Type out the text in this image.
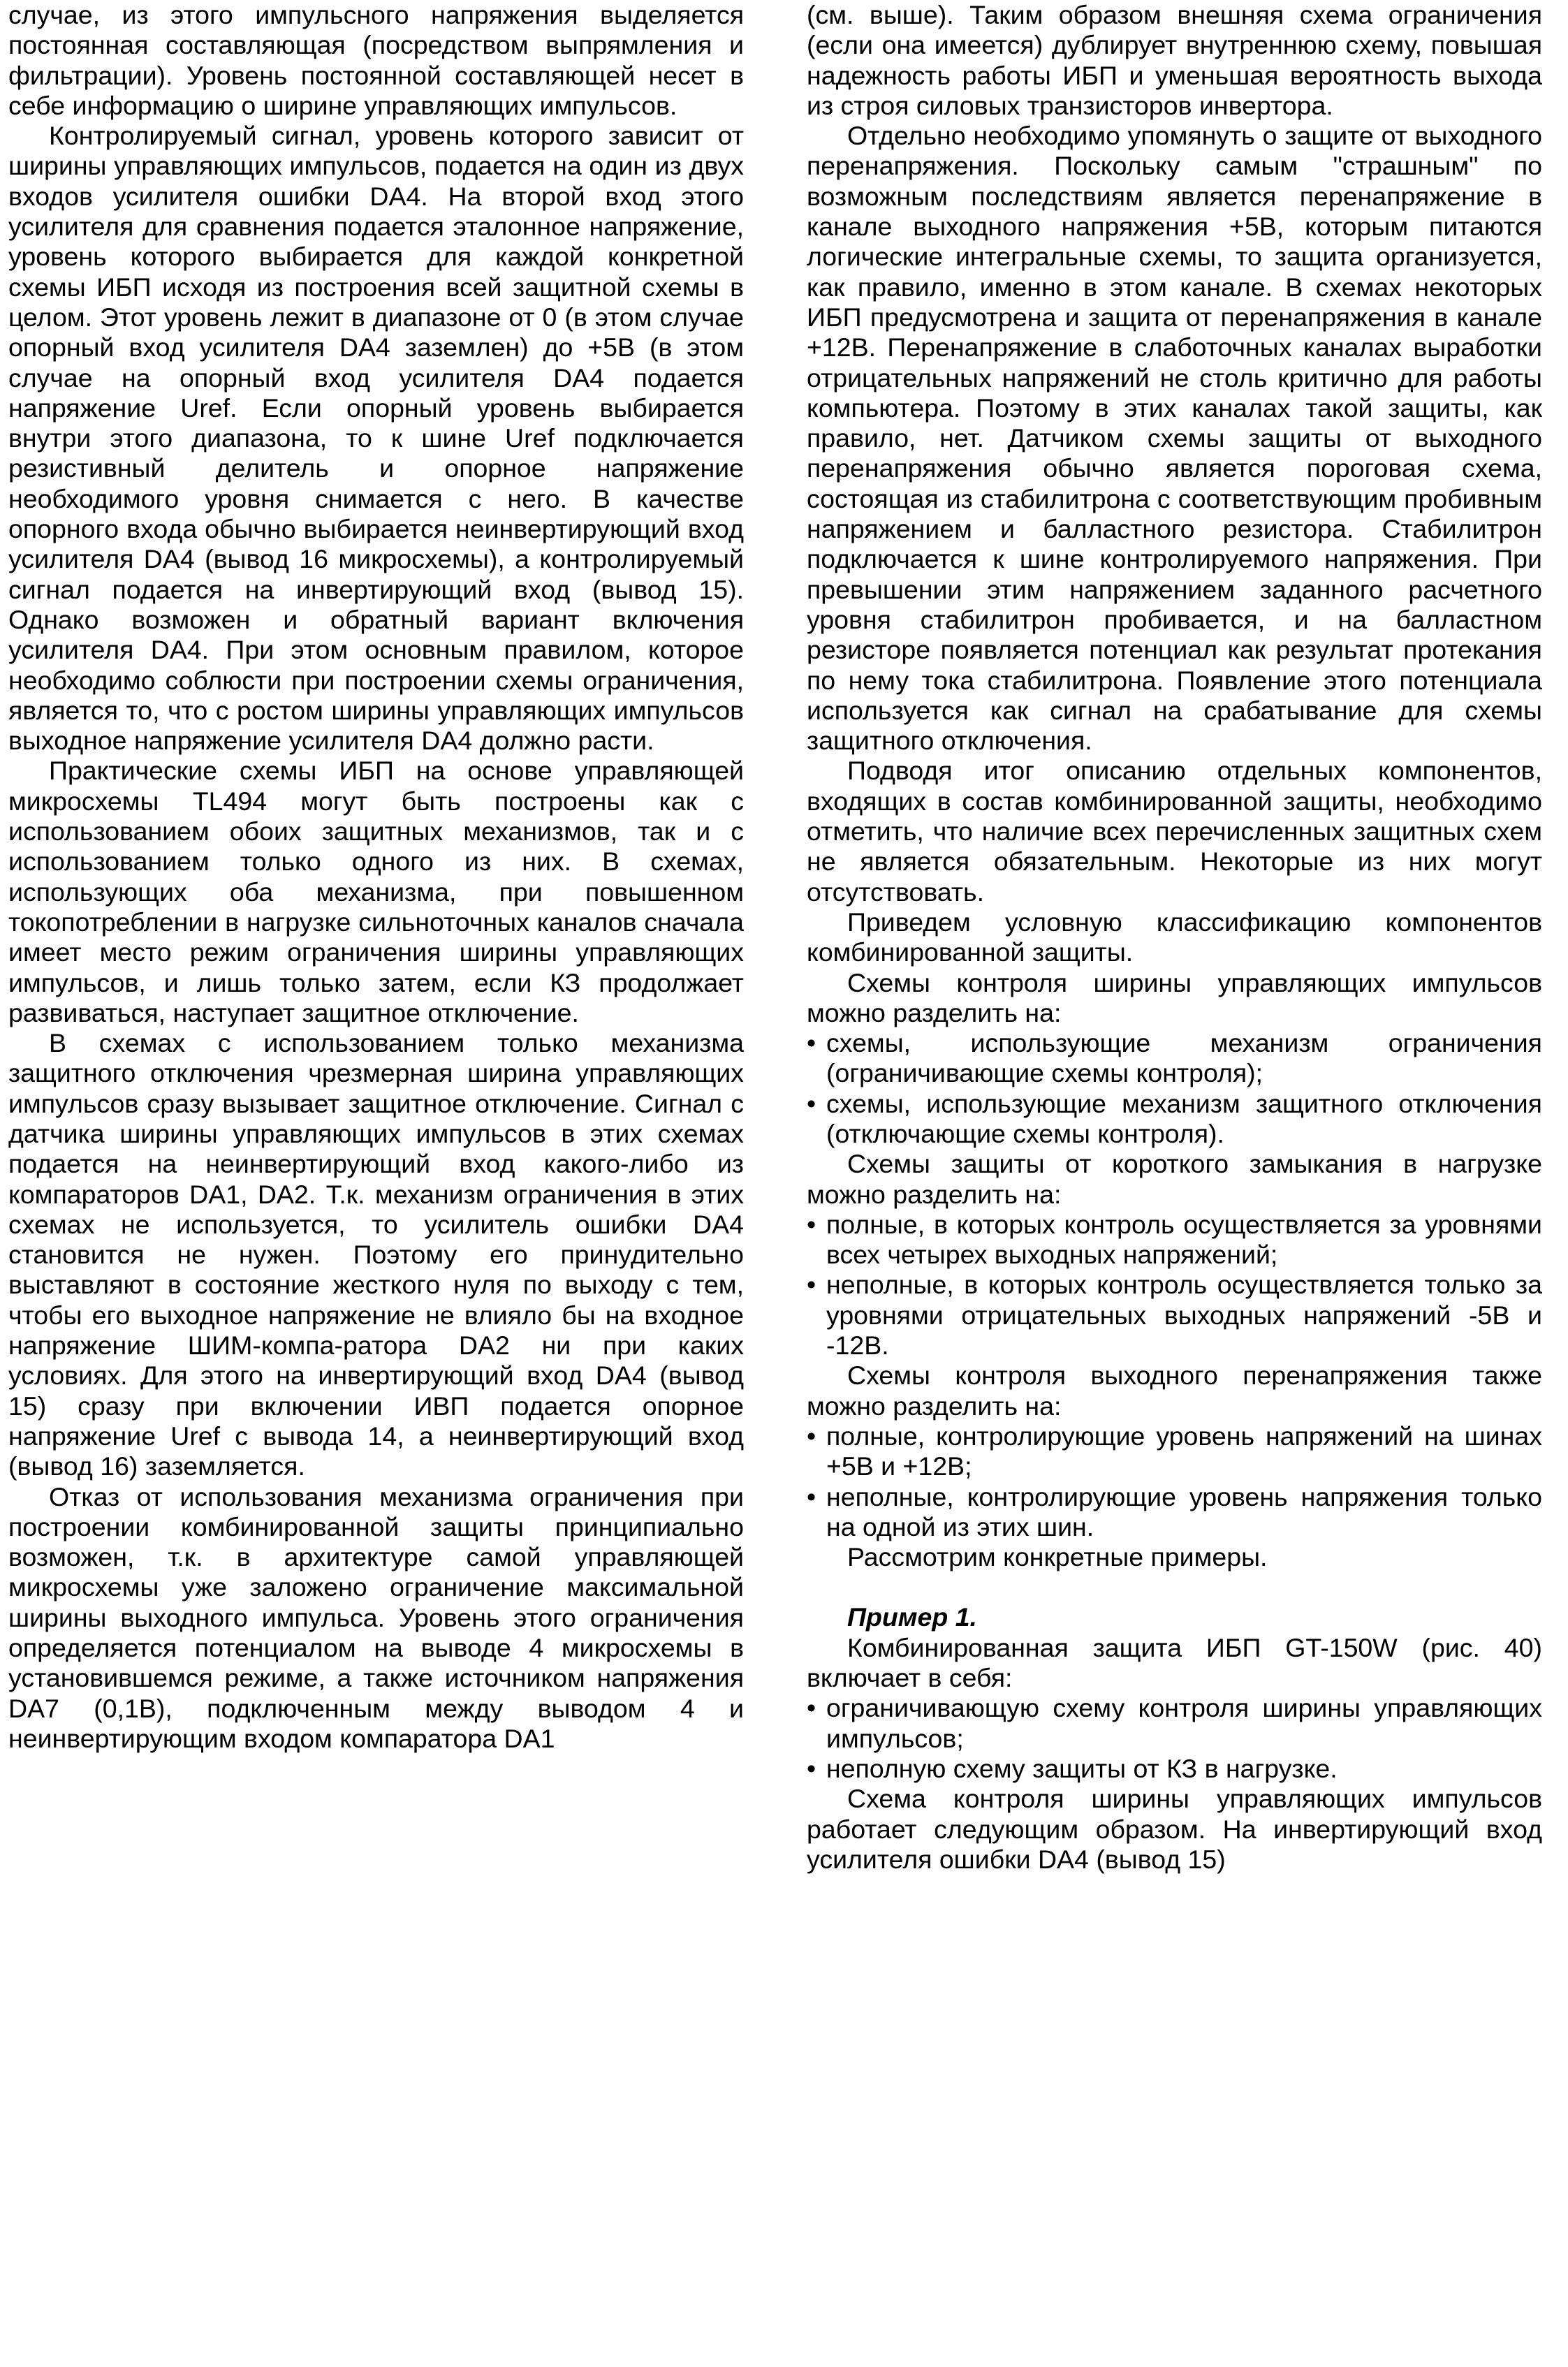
случае, из этого импульсного напряжения выделяется постоянная составляющая (посредством выпрямления и фильтрации). Уровень постоянной составляющей несет в себе информацию о ширине управляющих импульсов.

Контролируемый сигнал, уровень которого зависит от ширины управляющих импульсов, подается на один из двух входов усилителя ошибки DA4. На второй вход этого усилителя для сравнения подается эталонное напряжение, уровень которого выбирается для каждой конкретной схемы ИБП исходя из построения всей защитной схемы в целом. Этот уровень лежит в диапазоне от 0 (в этом случае опорный вход усилителя DA4 заземлен) до +5В (в этом случае на опорный вход усилителя DA4 подается напряжение Uref. Если опорный уровень выбирается внутри этого диапазона, то к шине Uref подключается резистивный делитель и опорное напряжение необходимого уровня снимается с него. В качестве опорного входа обычно выбирается неинвертирующий вход усилителя DA4 (вывод 16 микросхемы), а контролируемый сигнал подается на инвертирующий вход (вывод 15). Однако возможен и обратный вариант включения усилителя DA4. При этом основным правилом, которое необходимо соблюсти при построении схемы ограничения, является то, что с ростом ширины управляющих импульсов выходное напряжение усилителя DA4 должно расти.

Практические схемы ИБП на основе управляющей микросхемы TL494 могут быть построены как с использованием обоих защитных механизмов, так и с использованием только одного из них. В схемах, использующих оба механизма, при повышенном токопотреблении в нагрузке сильноточных каналов сначала имеет место режим ограничения ширины управляющих импульсов, и лишь только затем, если КЗ продолжает развиваться, наступает защитное отключение.

В схемах с использованием только механизма защитного отключения чрезмерная ширина управляющих импульсов сразу вызывает защитное отключение. Сигнал с датчика ширины управляющих импульсов в этих схемах подается на неинвертирующий вход какого-либо из компараторов DA1, DA2. Т.к. механизм ограничения в этих схемах не используется, то усилитель ошибки DA4 становится не нужен. Поэтому его принудительно выставляют в состояние жесткого нуля по выходу с тем, чтобы его выходное напряжение не влияло бы на входное напряжение ШИМ-компа-ратора DA2 ни при каких условиях. Для этого на инвертирующий вход DA4 (вывод 15) сразу при включении ИВП подается опорное напряжение Uref с вывода 14, а неинвертирующий вход (вывод 16) заземляется.

Отказ от использования механизма ограничения при построении комбинированной защиты принципиально возможен, т.к. в архитектуре самой управляющей микросхемы уже заложено ограничение максимальной ширины выходного импульса. Уровень этого ограничения определяется потенциалом на выводе 4 микросхемы в установившемся режиме, а также источником напряжения DA7 (0,1В), подключенным между выводом 4 и неинвертирующим входом компаратора DA1

(см. выше). Таким образом внешняя схема ограничения (если она имеется) дублирует внутреннюю схему, повышая надежность работы ИБП и уменьшая вероятность выхода из строя силовых транзисторов инвертора.

Отдельно необходимо упомянуть о защите от выходного перенапряжения. Поскольку самым "страшным" по возможным последствиям является перенапряжение в канале выходного напряжения +5В, которым питаются логические интегральные схемы, то защита организуется, как правило, именно в этом канале. В схемах некоторых ИБП предусмотрена и защита от перенапряжения в канале +12В. Перенапряжение в слаботочных каналах выработки отрицательных напряжений не столь критично для работы компьютера. Поэтому в этих каналах такой защиты, как правило, нет. Датчиком схемы защиты от выходного перенапряжения обычно является пороговая схема, состоящая из стабилитрона с соответствующим пробивным напряжением и балластного резистора. Стабилитрон подключается к шине контролируемого напряжения. При превышении этим напряжением заданного расчетного уровня стабилитрон пробивается, и на балластном резисторе появляется потенциал как результат протекания по нему тока стабилитрона. Появление этого потенциала используется как сигнал на срабатывание для схемы защитного отключения.

Подводя итог описанию отдельных компонентов, входящих в состав комбинированной защиты, необходимо отметить, что наличие всех перечисленных защитных схем не является обязательным. Некоторые из них могут отсутствовать.

Приведем условную классификацию компонентов комбинированной защиты.

Схемы контроля ширины управляющих импульсов можно разделить на:

• схемы, использующие механизм ограничения (ограничивающие схемы контроля);
• схемы, использующие механизм защитного отключения (отключающие схемы контроля).

Схемы защиты от короткого замыкания в нагрузке можно разделить на:

• полные, в которых контроль осуществляется за уровнями всех четырех выходных напряжений;
• неполные, в которых контроль осуществляется только за уровнями отрицательных выходных напряжений -5В и -12В.

Схемы контроля выходного перенапряжения также можно разделить на:

• полные, контролирующие уровень напряжений на шинах +5В и +12В;
• неполные, контролирующие уровень напряжения только на одной из этих шин.

Рассмотрим конкретные примеры.

Пример 1.

Комбинированная защита ИБП GT-150W (рис. 40) включает в себя:

• ограничивающую схему контроля ширины управляющих импульсов;
• неполную схему защиты от КЗ в нагрузке.

Схема контроля ширины управляющих импульсов работает следующим образом. На инвертирующий вход усилителя ошибки DA4 (вывод 15)
